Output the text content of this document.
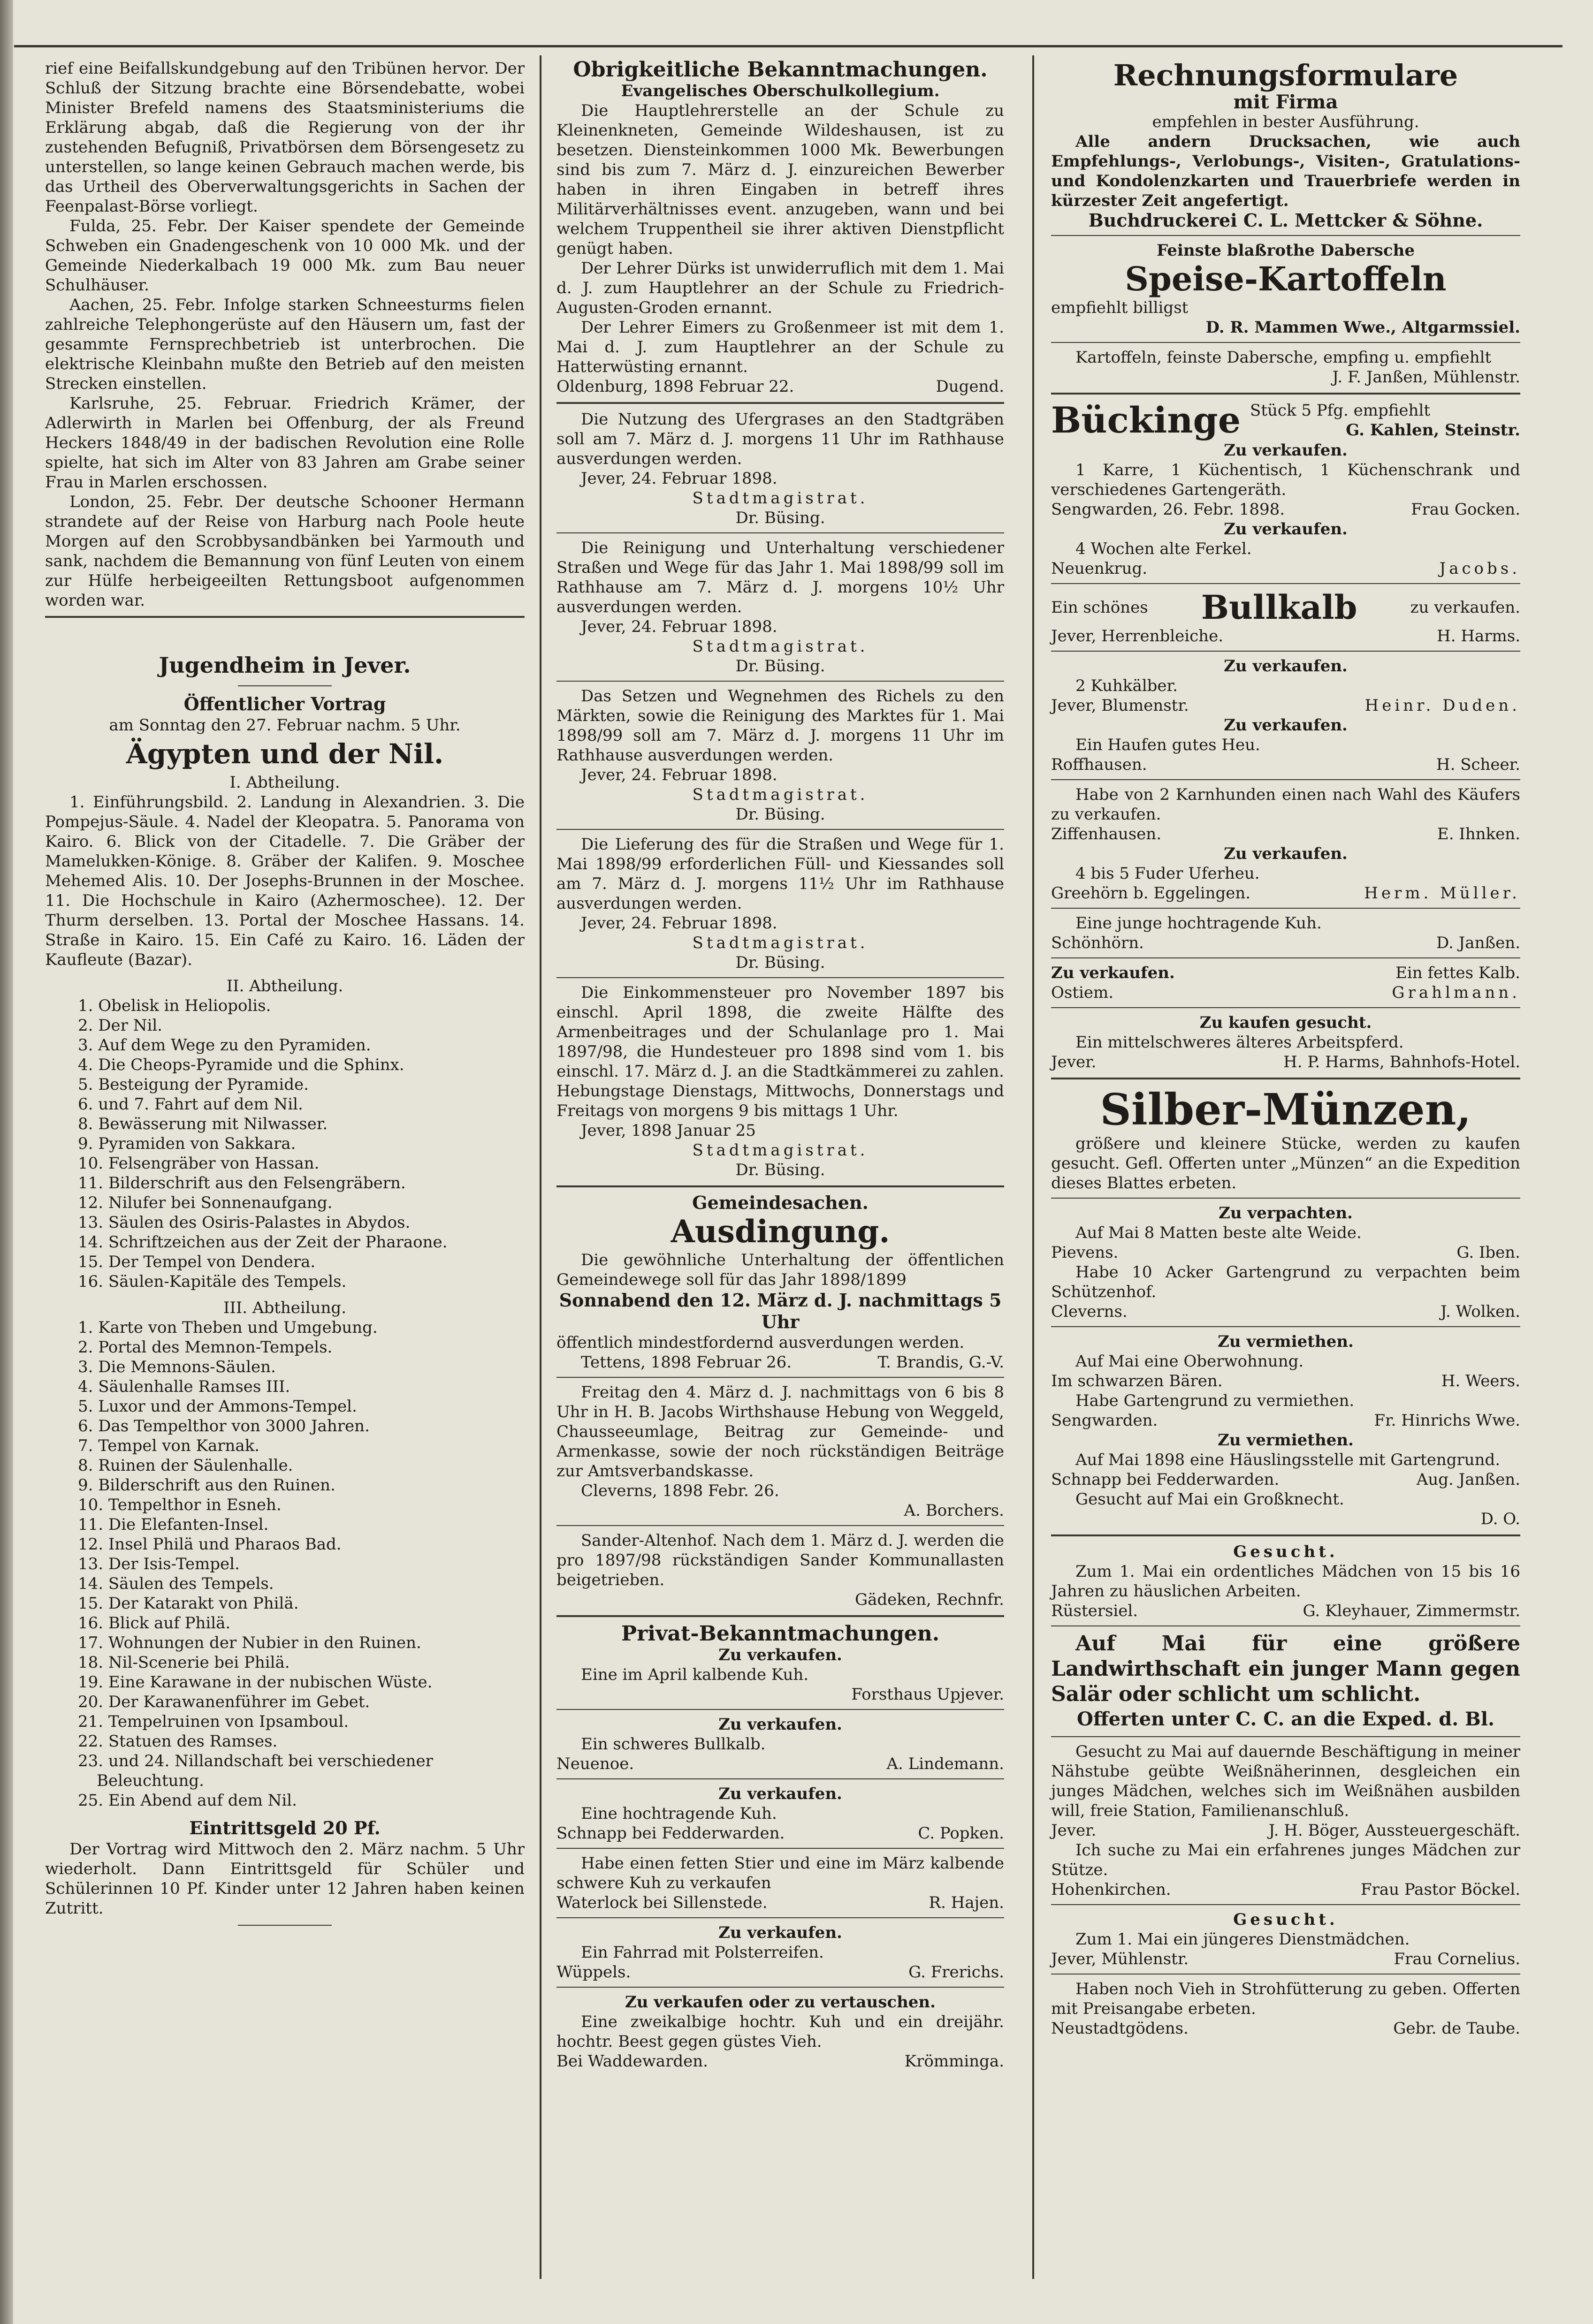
rief eine Beifallskundgebung auf den Tribünen hervor. Der Schluß der Sitzung brachte eine Börsendebatte, wobei Minister Brefeld namens des Staatsministeriums die Erklärung abgab, daß die Regierung von der ihr zustehenden Befugniß, Privatbörsen dem Börsengesetz zu unterstellen, so lange keinen Gebrauch machen werde, bis das Urtheil des Oberverwaltungsgerichts in Sachen der Feenpalast-Börse vorliegt.

Fulda, 25. Febr. Der Kaiser spendete der Gemeinde Schweben ein Gnadengeschenk von 10 000 Mk. und der Gemeinde Niederkalbach 19 000 Mk. zum Bau neuer Schulhäuser.

Aachen, 25. Febr. Infolge starken Schneesturms fielen zahlreiche Telephongerüste auf den Häusern um, fast der gesammte Fernsprechbetrieb ist unterbrochen. Die elektrische Kleinbahn mußte den Betrieb auf den meisten Strecken einstellen.

Karlsruhe, 25. Februar. Friedrich Krämer, der Adlerwirth in Marlen bei Offenburg, der als Freund Heckers 1848/49 in der badischen Revolution eine Rolle spielte, hat sich im Alter von 83 Jahren am Grabe seiner Frau in Marlen erschossen.

London, 25. Febr. Der deutsche Schooner Hermann strandete auf der Reise von Harburg nach Poole heute Morgen auf den Scrobbysandbänken bei Yarmouth und sank, nachdem die Bemannung von fünf Leuten von einem zur Hülfe herbeigeeilten Rettungsboot aufgenommen worden war.

Jugendheim in Jever.
Öffentlicher Vortrag

am Sonntag den 27. Februar nachm. 5 Uhr.

Ägypten und der Nil.

I. Abtheilung.

1. Einführungsbild. 2. Landung in Alexandrien. 3. Die Pompejus-Säule. 4. Nadel der Kleopatra. 5. Panorama von Kairo. 6. Blick von der Citadelle. 7. Die Gräber der Mamelukken-Könige. 8. Gräber der Kalifen. 9. Moschee Mehemed Alis. 10. Der Josephs-Brunnen in der Moschee. 11. Die Hochschule in Kairo (Azhermoschee). 12. Der Thurm derselben. 13. Portal der Moschee Hassans. 14. Straße in Kairo. 15. Ein Café zu Kairo. 16. Läden der Kaufleute (Bazar).

II. Abtheilung.

1. Obelisk in Heliopolis.
2. Der Nil.
3. Auf dem Wege zu den Pyramiden.
4. Die Cheops-Pyramide und die Sphinx.
5. Besteigung der Pyramide.
6. und 7. Fahrt auf dem Nil.
8. Bewässerung mit Nilwasser.
9. Pyramiden von Sakkara.
10. Felsengräber von Hassan.
11. Bilderschrift aus den Felsengräbern.
12. Nilufer bei Sonnenaufgang.
13. Säulen des Osiris-Palastes in Abydos.
14. Schriftzeichen aus der Zeit der Pharaone.
15. Der Tempel von Dendera.
16. Säulen-Kapitäle des Tempels.

III. Abtheilung.

1. Karte von Theben und Umgebung.
2. Portal des Memnon-Tempels.
3. Die Memnons-Säulen.
4. Säulenhalle Ramses III.
5. Luxor und der Ammons-Tempel.
6. Das Tempelthor von 3000 Jahren.
7. Tempel von Karnak.
8. Ruinen der Säulenhalle.
9. Bilderschrift aus den Ruinen.
10. Tempelthor in Esneh.
11. Die Elefanten-Insel.
12. Insel Philä und Pharaos Bad.
13. Der Isis-Tempel.
14. Säulen des Tempels.
15. Der Katarakt von Philä.
16. Blick auf Philä.
17. Wohnungen der Nubier in den Ruinen.
18. Nil-Scenerie bei Philä.
19. Eine Karawane in der nubischen Wüste.
20. Der Karawanenführer im Gebet.
21. Tempelruinen von Ipsamboul.
22. Statuen des Ramses.
23. und 24. Nillandschaft bei verschiedener Beleuchtung.
25. Ein Abend auf dem Nil.
Eintrittsgeld 20 Pf.

Der Vortrag wird Mittwoch den 2. März nachm. 5 Uhr wiederholt. Dann Eintrittsgeld für Schüler und Schülerinnen 10 Pf. Kinder unter 12 Jahren haben keinen Zutritt.

Obrigkeitliche Bekanntmachungen.

Evangelisches Oberschulkollegium.

Die Hauptlehrerstelle an der Schule zu Kleinenkneten, Gemeinde Wildeshausen, ist zu besetzen. Diensteinkommen 1000 Mk. Bewerbungen sind bis zum 7. März d. J. einzureichen Bewerber haben in ihren Eingaben in betreff ihres Militärverhältnisses event. anzugeben, wann und bei welchem Truppentheil sie ihrer aktiven Dienstpflicht genügt haben.

Der Lehrer Dürks ist unwiderruflich mit dem 1. Mai d. J. zum Hauptlehrer an der Schule zu Friedrich-Augusten-Groden ernannt.

Der Lehrer Eimers zu Großenmeer ist mit dem 1. Mai d. J. zum Hauptlehrer an der Schule zu Hatterwüsting ernannt.

Oldenburg, 1898 Februar 22.	Dugend.

Die Nutzung des Ufergrases an den Stadtgräben soll am 7. März d. J. morgens 11 Uhr im Rathhause ausverdungen werden.

Jever, 24. Februar 1898.

Stadtmagistrat.

Dr. Büsing.

Die Reinigung und Unterhaltung verschiedener Straßen und Wege für das Jahr 1. Mai 1898/99 soll im Rathhause am 7. März d. J. morgens 10½ Uhr ausverdungen werden.

Jever, 24. Februar 1898.

Stadtmagistrat.

Dr. Büsing.

Das Setzen und Wegnehmen des Richels zu den Märkten, sowie die Reinigung des Marktes für 1. Mai 1898/99 soll am 7. März d. J. morgens 11 Uhr im Rathhause ausverdungen werden.

Jever, 24. Februar 1898.

Stadtmagistrat.

Dr. Büsing.

Die Lieferung des für die Straßen und Wege für 1. Mai 1898/99 erforderlichen Füll- und Kiessandes soll am 7. März d. J. morgens 11½ Uhr im Rathhause ausverdungen werden.

Jever, 24. Februar 1898.

Stadtmagistrat.

Dr. Büsing.

Die Einkommensteuer pro November 1897 bis einschl. April 1898, die zweite Hälfte des Armenbeitrages und der Schulanlage pro 1. Mai 1897/98, die Hundesteuer pro 1898 sind vom 1. bis einschl. 17. März d. J. an die Stadtkämmerei zu zahlen. Hebungstage Dienstags, Mittwochs, Donnerstags und Freitags von morgens 9 bis mittags 1 Uhr.

Jever, 1898 Januar 25

Stadtmagistrat.

Dr. Büsing.

Gemeindesachen.

Ausdingung.

Die gewöhnliche Unterhaltung der öffentlichen Gemeindewege soll für das Jahr 1898/1899

Sonnabend den 12. März d. J. nachmittags 5 Uhr

öffentlich mindestfordernd ausverdungen werden.

Tettens, 1898 Februar 26.	T. Brandis, G.-V.

Freitag den 4. März d. J. nachmittags von 6 bis 8 Uhr in H. B. Jacobs Wirthshause Hebung von Weggeld, Chausseeumlage, Beitrag zur Gemeinde- und Armenkasse, sowie der noch rückständigen Beiträge zur Amtsverbandskasse.

Cleverns, 1898 Febr. 26.

A. Borchers.

Sander-Altenhof. Nach dem 1. März d. J. werden die pro 1897/98 rückständigen Sander Kommunallasten beigetrieben.

Gädeken, Rechnfr.

Privat-Bekanntmachungen.

Zu verkaufen.

Eine im April kalbende Kuh.

Forsthaus Upjever.

Zu verkaufen.

Ein schweres Bullkalb.

Neuenoe.	A. Lindemann.

Zu verkaufen.

Eine hochtragende Kuh.

Schnapp bei Fedderwarden.	C. Popken.

Habe einen fetten Stier und eine im März kalbende schwere Kuh zu verkaufen

Waterlock bei Sillenstede.	R. Hajen.

Zu verkaufen.

Ein Fahrrad mit Polsterreifen.

Wüppels.	G. Frerichs.

Zu verkaufen oder zu vertauschen.

Eine zweikalbige hochtr. Kuh und ein dreijähr. hochtr. Beest gegen güstes Vieh.

Bei Waddewarden.	Krömminga.
Rechnungsformulare

mit Firma

empfehlen in bester Ausführung.

Alle andern Drucksachen, wie auch Empfehlungs-, Verlobungs-, Visiten-, Gratulations- und Kondolenzkarten und Trauerbriefe werden in kürzester Zeit angefertigt.

Buchdruckerei C. L. Mettcker & Söhne.

Feinste blaßrothe Dabersche

Speise-Kartoffeln

empfiehlt billigst

D. R. Mammen Wwe., Altgarmssiel.

Kartoffeln, feinste Dabersche, empfing u. empfiehlt

J. F. Janßen, Mühlenstr.

Bückinge Stück 5 Pfg. empfiehlt
G. Kahlen, Steinstr.

Zu verkaufen.

1 Karre, 1 Küchentisch, 1 Küchenschrank und verschiedenes Gartengeräth.

Sengwarden, 26. Febr. 1898.	Frau Gocken.

Zu verkaufen.

4 Wochen alte Ferkel.

Neuenkrug.	Jacobs.
Ein schönes Bullkalb	zu verkaufen.
Jever, Herrenbleiche.	H. Harms.

Zu verkaufen.

2 Kuhkälber.

Jever, Blumenstr.	Heinr. Duden.

Zu verkaufen.

Ein Haufen gutes Heu.

Roffhausen.	H. Scheer.

Habe von 2 Karnhunden einen nach Wahl des Käufers zu verkaufen.

Ziffenhausen.	E. Ihnken.

Zu verkaufen.

4 bis 5 Fuder Uferheu.

Greehörn b. Eggelingen.	Herm. Müller.

Eine junge hochtragende Kuh.

Schönhörn.	D. Janßen.
Zu verkaufen.	Ein fettes Kalb.
Ostiem.	Grahlmann.

Zu kaufen gesucht.

Ein mittelschweres älteres Arbeitspferd.

Jever.	H. P. Harms, Bahnhofs-Hotel.
Silber-Münzen,

größere und kleinere Stücke, werden zu kaufen gesucht. Gefl. Offerten unter „Münzen“ an die Expedition dieses Blattes erbeten.

Zu verpachten.

Auf Mai 8 Matten beste alte Weide.

Pievens.	G. Iben.

Habe 10 Acker Gartengrund zu verpachten beim Schützenhof.

Cleverns.	J. Wolken.

Zu vermiethen.

Auf Mai eine Oberwohnung.

Im schwarzen Bären.	H. Weers.

Habe Gartengrund zu vermiethen.

Sengwarden.	Fr. Hinrichs Wwe.

Zu vermiethen.

Auf Mai 1898 eine Häuslingsstelle mit Gartengrund.

Schnapp bei Fedderwarden.	Aug. Janßen.

Gesucht auf Mai ein Großknecht.

D. O.

Gesucht.

Zum 1. Mai ein ordentliches Mädchen von 15 bis 16 Jahren zu häuslichen Arbeiten.

Rüstersiel.	G. Kleyhauer, Zimmermstr.

Auf Mai für eine größere Landwirthschaft ein junger Mann gegen Salär oder schlicht um schlicht.

Offerten unter C. C. an die Exped. d. Bl.

Gesucht zu Mai auf dauernde Beschäftigung in meiner Nähstube geübte Weißnäherinnen, desgleichen ein junges Mädchen, welches sich im Weißnähen ausbilden will, freie Station, Familienanschluß.

Jever.	J. H. Böger, Aussteuergeschäft.

Ich suche zu Mai ein erfahrenes junges Mädchen zur Stütze.

Hohenkirchen.	Frau Pastor Böckel.

Gesucht.

Zum 1. Mai ein jüngeres Dienstmädchen.

Jever, Mühlenstr.	Frau Cornelius.

Haben noch Vieh in Strohfütterung zu geben. Offerten mit Preisangabe erbeten.

Neustadtgödens.	Gebr. de Taube.
